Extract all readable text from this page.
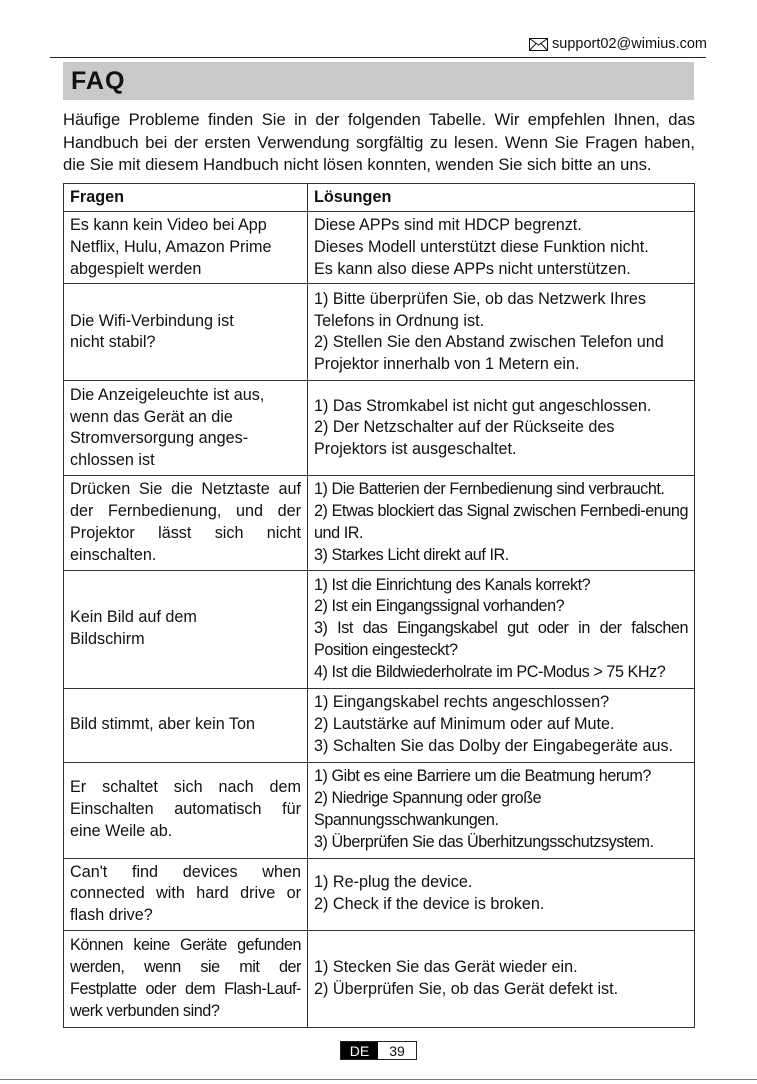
support02@wimius.com
FAQ

Häufige Probleme finden Sie in der folgenden Tabelle. Wir empfehlen Ihnen, das Handbuch bei der ersten Verwendung sorgfältig zu lesen. Wenn Sie Fragen haben, die Sie mit diesem Handbuch nicht lösen konnten, wenden Sie sich bitte an uns.

Fragen	Lösungen
Es kann kein Video bei App Netflix, Hulu, Amazon Prime abgespielt werden	Diese APPs sind mit HDCP begrenzt.
Dieses Modell unterstützt diese Funktion nicht.
Es kann also diese APPs nicht unterstützen.
Die Wifi-Verbindung ist
nicht stabil?	1) Bitte überprüfen Sie, ob das Netzwerk Ihres Telefons in Ordnung ist.
2) Stellen Sie den Abstand zwischen Telefon und Projektor innerhalb von 1 Metern ein.
Die Anzeigeleuchte ist aus, wenn das Gerät an die Stromversorgung anges-chlossen ist	1) Das Stromkabel ist nicht gut angeschlossen.
2) Der Netzschalter auf der Rückseite des Projektors ist ausgeschaltet.
Drücken Sie die Netztaste auf der Fernbedienung, und der Projektor lässt sich nicht einschalten.	1) Die Batterien der Fernbedienung sind verbraucht.
2) Etwas blockiert das Signal zwischen Fernbedi-enung und IR.
3) Starkes Licht direkt auf IR.
Kein Bild auf dem
Bildschirm	1) Ist die Einrichtung des Kanals korrekt?
2) Ist ein Eingangssignal vorhanden?
3) Ist das Eingangskabel gut oder in der falschen Position eingesteckt?
4) Ist die Bildwiederholrate im PC-Modus > 75 KHz?
Bild stimmt, aber kein Ton	1) Eingangskabel rechts angeschlossen?
2) Lautstärke auf Minimum oder auf Mute.
3) Schalten Sie das Dolby der Eingabegeräte aus.
Er schaltet sich nach dem Einschalten automatisch für eine Weile ab.	1) Gibt es eine Barriere um die Beatmung herum?
2) Niedrige Spannung oder große Spannungsschwankungen.
3) Überprüfen Sie das Überhitzungsschutzsystem.
Can't find devices when connected with hard drive or flash drive?	1) Re-plug the device.
2) Check if the device is broken.
Können keine Geräte gefunden werden, wenn sie mit der Festplatte oder dem Flash-Lauf-werk verbunden sind?	1) Stecken Sie das Gerät wieder ein.
2) Überprüfen Sie, ob das Gerät defekt ist.
DE	39
